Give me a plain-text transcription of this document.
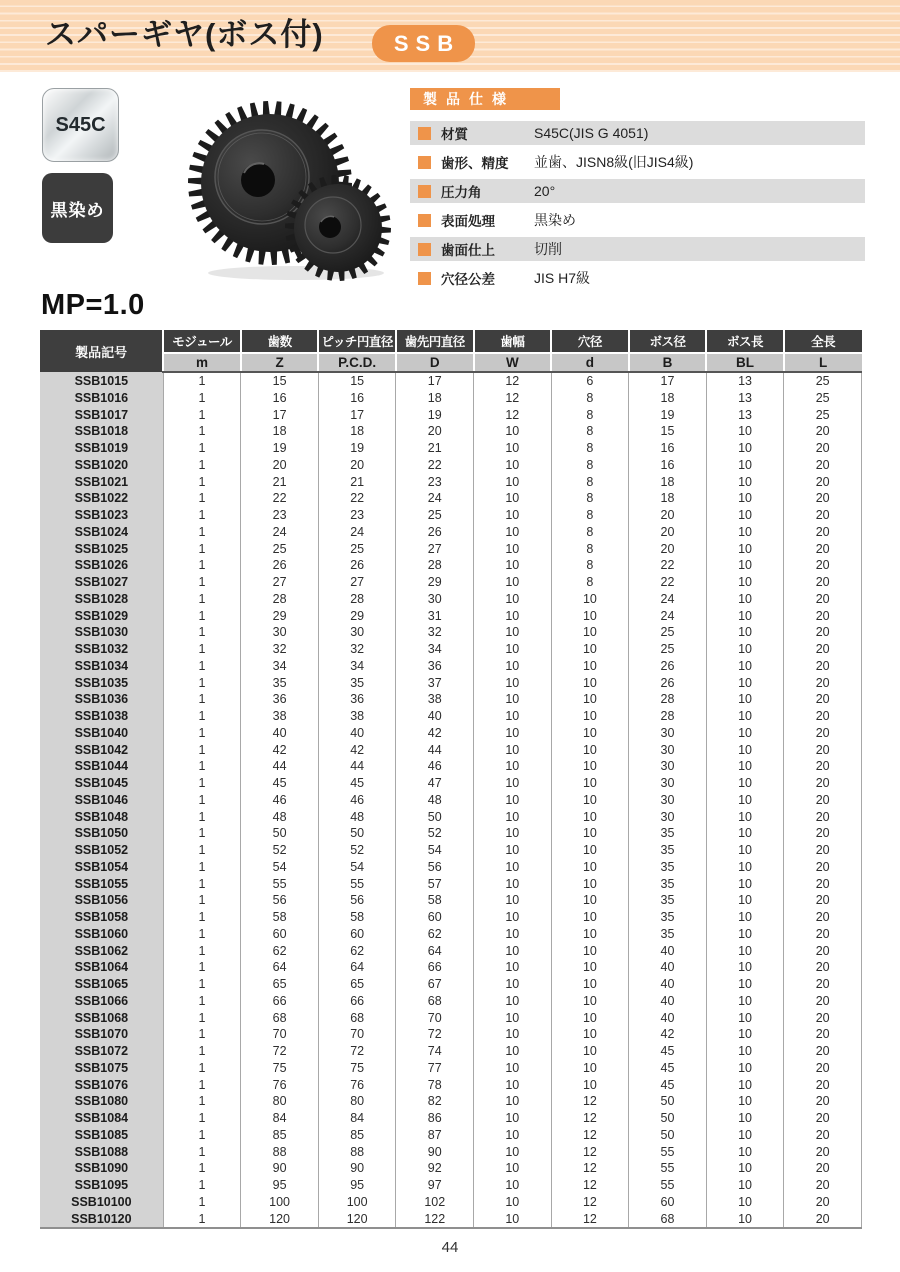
スパーギヤ(ボス付)	SSB
S45C
黒染め
製品仕様
材質	S45C(JIS G 4051)
歯形、精度	並歯、JISN8級(旧JIS4級)
圧力角	20°
表面処理	黒染め
歯面仕上	切削
穴径公差	JIS H7級
MP=1.0
製品記号	モジュール	歯数	ピッチ円直径	歯先円直径	歯幅	穴径	ボス径	ボス長	全長
	m	Z	P.C.D.	D	W	d	B	BL	L
SSB1015	1	15	15	17	12	6	17	13	25
SSB1016	1	16	16	18	12	8	18	13	25
SSB1017	1	17	17	19	12	8	19	13	25
SSB1018	1	18	18	20	10	8	15	10	20
SSB1019	1	19	19	21	10	8	16	10	20
SSB1020	1	20	20	22	10	8	16	10	20
SSB1021	1	21	21	23	10	8	18	10	20
SSB1022	1	22	22	24	10	8	18	10	20
SSB1023	1	23	23	25	10	8	20	10	20
SSB1024	1	24	24	26	10	8	20	10	20
SSB1025	1	25	25	27	10	8	20	10	20
SSB1026	1	26	26	28	10	8	22	10	20
SSB1027	1	27	27	29	10	8	22	10	20
SSB1028	1	28	28	30	10	10	24	10	20
SSB1029	1	29	29	31	10	10	24	10	20
SSB1030	1	30	30	32	10	10	25	10	20
SSB1032	1	32	32	34	10	10	25	10	20
SSB1034	1	34	34	36	10	10	26	10	20
SSB1035	1	35	35	37	10	10	26	10	20
SSB1036	1	36	36	38	10	10	28	10	20
SSB1038	1	38	38	40	10	10	28	10	20
SSB1040	1	40	40	42	10	10	30	10	20
SSB1042	1	42	42	44	10	10	30	10	20
SSB1044	1	44	44	46	10	10	30	10	20
SSB1045	1	45	45	47	10	10	30	10	20
SSB1046	1	46	46	48	10	10	30	10	20
SSB1048	1	48	48	50	10	10	30	10	20
SSB1050	1	50	50	52	10	10	35	10	20
SSB1052	1	52	52	54	10	10	35	10	20
SSB1054	1	54	54	56	10	10	35	10	20
SSB1055	1	55	55	57	10	10	35	10	20
SSB1056	1	56	56	58	10	10	35	10	20
SSB1058	1	58	58	60	10	10	35	10	20
SSB1060	1	60	60	62	10	10	35	10	20
SSB1062	1	62	62	64	10	10	40	10	20
SSB1064	1	64	64	66	10	10	40	10	20
SSB1065	1	65	65	67	10	10	40	10	20
SSB1066	1	66	66	68	10	10	40	10	20
SSB1068	1	68	68	70	10	10	40	10	20
SSB1070	1	70	70	72	10	10	42	10	20
SSB1072	1	72	72	74	10	10	45	10	20
SSB1075	1	75	75	77	10	10	45	10	20
SSB1076	1	76	76	78	10	10	45	10	20
SSB1080	1	80	80	82	10	12	50	10	20
SSB1084	1	84	84	86	10	12	50	10	20
SSB1085	1	85	85	87	10	12	50	10	20
SSB1088	1	88	88	90	10	12	55	10	20
SSB1090	1	90	90	92	10	12	55	10	20
SSB1095	1	95	95	97	10	12	55	10	20
SSB10100	1	100	100	102	10	12	60	10	20
SSB10120	1	120	120	122	10	12	68	10	20
44
